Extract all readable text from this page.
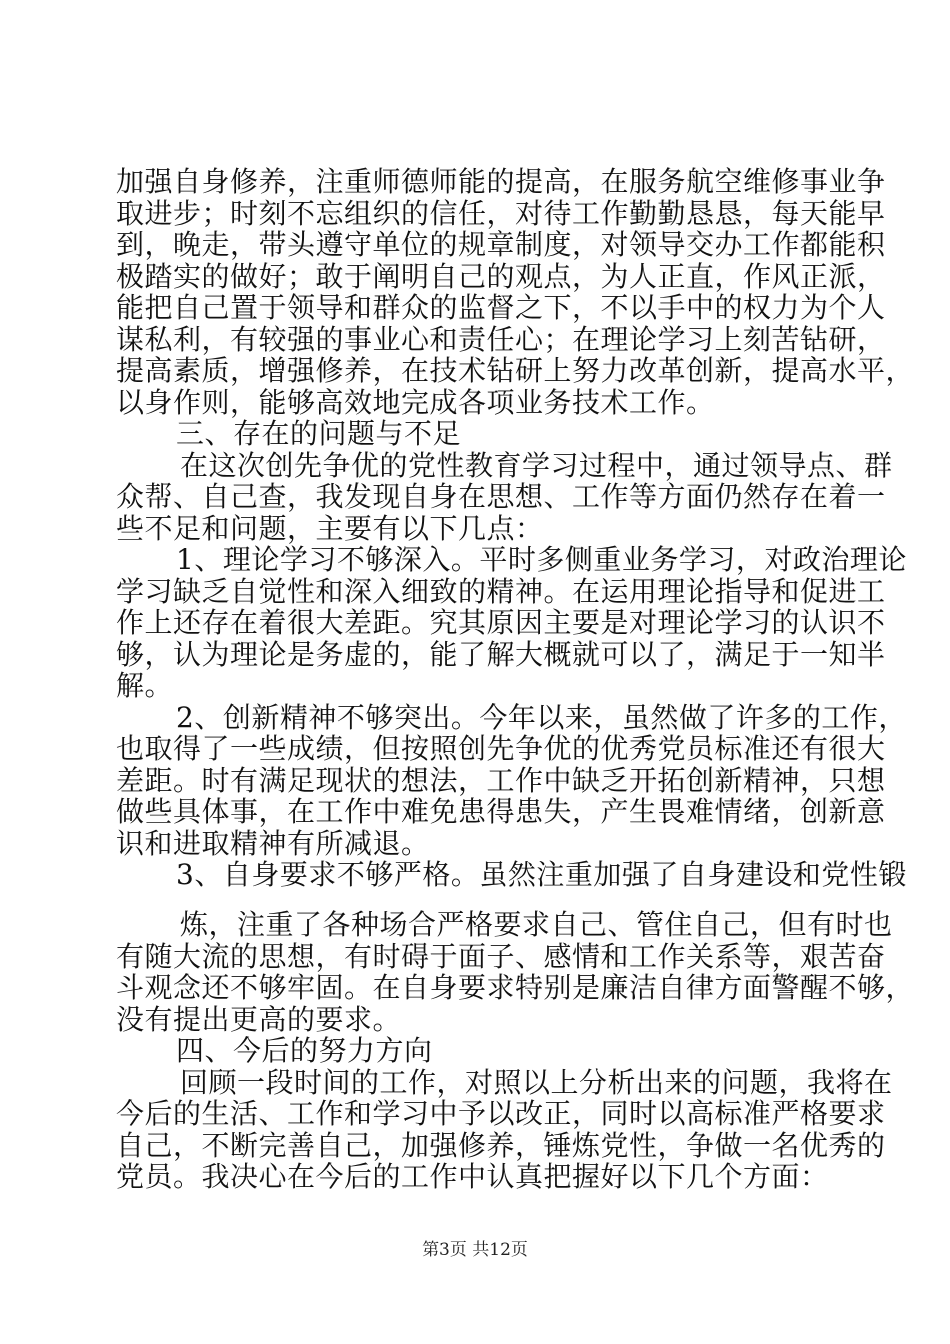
加强自身修养，注重师德师能的提高，在服务航空维修事业争
取进步；时刻不忘组织的信任，对待工作勤勤恳恳，每天能早
到，晚走，带头遵守单位的规章制度，对领导交办工作都能积
极踏实的做好；敢于阐明自己的观点，为人正直，作风正派，
能把自己置于领导和群众的监督之下，不以手中的权力为个人
谋私利，有较强的事业心和责任心；在理论学习上刻苦钻研，
提高素质，增强修养，在技术钻研上努力改革创新，提高水平，
以身作则，能够高效地完成各项业务技术工作。
三、存在的问题与不足
在这次创先争优的党性教育学习过程中，通过领导点、群
众帮、自己查，我发现自身在思想、工作等方面仍然存在着一
些不足和问题，主要有以下几点：
1、理论学习不够深入。平时多侧重业务学习，对政治理论
学习缺乏自觉性和深入细致的精神。在运用理论指导和促进工
作上还存在着很大差距。究其原因主要是对理论学习的认识不
够，认为理论是务虚的，能了解大概就可以了，满足于一知半
解。
2、创新精神不够突出。今年以来，虽然做了许多的工作，
也取得了一些成绩，但按照创先争优的优秀党员标准还有很大
差距。时有满足现状的想法，工作中缺乏开拓创新精神，只想
做些具体事，在工作中难免患得患失，产生畏难情绪，创新意
识和进取精神有所减退。
3、自身要求不够严格。虽然注重加强了自身建设和党性锻
炼，注重了各种场合严格要求自己、管住自己，但有时也
有随大流的思想，有时碍于面子、感情和工作关系等，艰苦奋
斗观念还不够牢固。在自身要求特别是廉洁自律方面警醒不够，
没有提出更高的要求。
四、今后的努力方向
回顾一段时间的工作，对照以上分析出来的问题，我将在
今后的生活、工作和学习中予以改正，同时以高标准严格要求
自己，不断完善自己，加强修养，锤炼党性，争做一名优秀的
党员。我决心在今后的工作中认真把握好以下几个方面：
第3页 共12页
